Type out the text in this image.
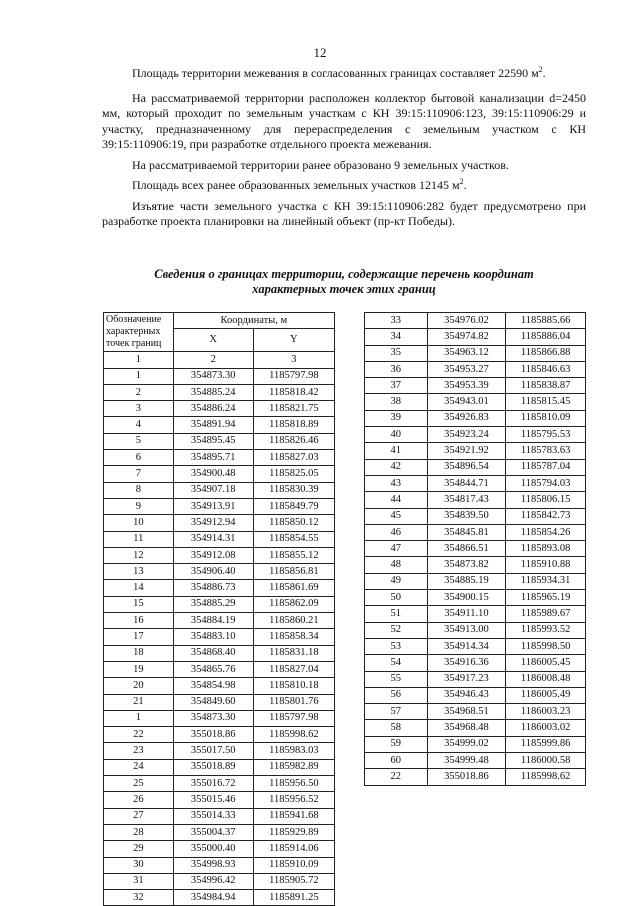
12

Площадь территории межевания в согласованных границах составляет 22590 $м^2$.

На рассматриваемой территории расположен коллектор бытовой канализации d=2450 мм, который проходит по земельным участкам с КН 39:15:110906:123, 39:15:110906:29 и участку, предназначенному для перераспределения с земельным участком с КН 39:15:110906:19, при разработке отдельного проекта межевания.

На рассматриваемой территории ранее образовано 9 земельных участков.

Площадь всех ранее образованных земельных участков 12145 $м^2$.

Изъятие части земельного участка с КН 39:15:110906:282 будет предусмотрено при разработке проекта планировки на линейный объект (пр-кт Победы).

Сведения о границах территории, содержащие перечень координат
характерных точек этих границ
Обозначение характерных точек границ	Координаты, м	
	X	Y
1	2	3
1	354873.30	1185797.98
2	354885.24	1185818.42
3	354886.24	1185821.75
4	354891.94	1185818.89
5	354895.45	1185826.46
6	354895.71	1185827.03
7	354900.48	1185825.05
8	354907.18	1185830.39
9	354913.91	1185849.79
10	354912.94	1185850.12
11	354914.31	1185854.55
12	354912.08	1185855.12
13	354906.40	1185856.81
14	354886.73	1185861.69
15	354885.29	1185862.09
16	354884.19	1185860.21
17	354883.10	1185858.34
18	354868.40	1185831.18
19	354865.76	1185827.04
20	354854.98	1185810.18
21	354849.60	1185801.76
1	354873.30	1185797.98
22	355018.86	1185998.62
23	355017.50	1185983.03
24	355018.89	1185982.89
25	355016.72	1185956.50
26	355015.46	1185956.52
27	355014.33	1185941.68
28	355004.37	1185929.89
29	355000.40	1185914.06
30	354998.93	1185910.09
31	354996.42	1185905.72
32	354984.94	1185891.25
33	354976.02	1185885.66
34	354974.82	1185886.04
35	354963.12	1185866.88
36	354953.27	1185846.63
37	354953.39	1185838.87
38	354943.01	1185815.45
39	354926.83	1185810.09
40	354923.24	1185795.53
41	354921.92	1185783.63
42	354896.54	1185787.04
43	354844.71	1185794.03
44	354817.43	1185806.15
45	354839.50	1185842.73
46	354845.81	1185854.26
47	354866.51	1185893.08
48	354873.82	1185910.88
49	354885.19	1185934.31
50	354900.15	1185965.19
51	354911.10	1185989.67
52	354913.00	1185993.52
53	354914.34	1185998.50
54	354916.36	1186005.45
55	354917.23	1186008.48
56	354946.43	1186005.49
57	354968.51	1186003.23
58	354968.48	1186003.02
59	354999.02	1185999.86
60	354999.48	1186000.58
22	355018.86	1185998.62
